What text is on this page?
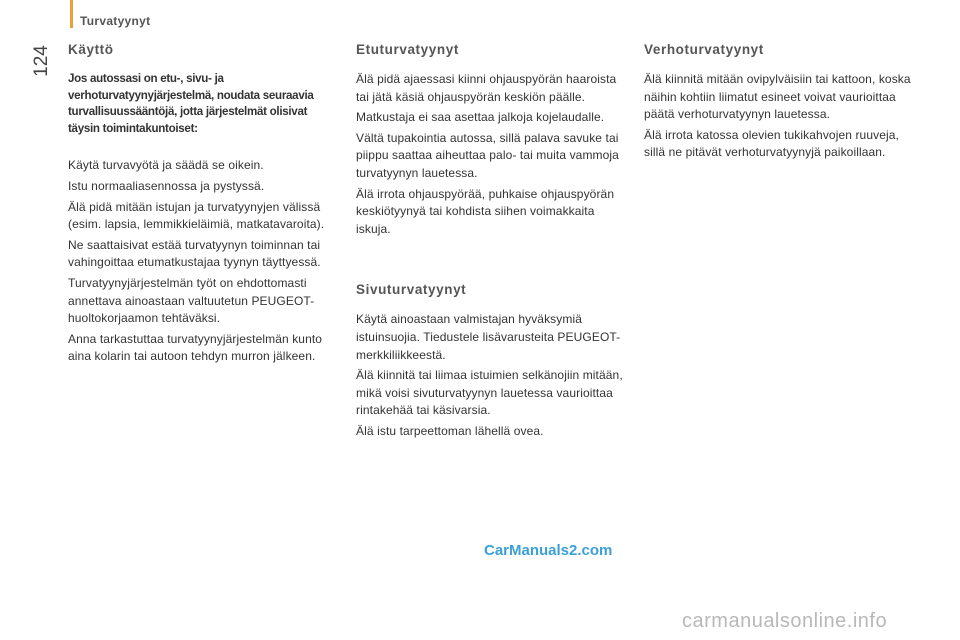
Turvatyynyt
124	Käyttö

Jos autossasi on etu-, sivu- ja verhoturvatyynyjärjestelmä, noudata seuraavia turvallisuussääntöjä, jotta järjestelmät olisivat täysin toimintakuntoiset:

Käytä turvavyötä ja säädä se oikein.

Istu normaaliasennossa ja pystyssä.

Älä pidä mitään istujan ja turvatyynyjen välissä (esim. lapsia, lemmikkieläimiä, matkatavaroita).

Ne saattaisivat estää turvatyynyn toiminnan tai vahingoittaa etumatkustajaa tyynyn täyttyessä.

Turvatyynyjärjestelmän työt on ehdottomasti annettava ainoastaan valtuutetun PEUGEOT-huoltokorjaamon tehtäväksi.

Anna tarkastuttaa turvatyynyjärjestelmän kunto aina kolarin tai autoon tehdyn murron jälkeen.

Etuturvatyynyt

Älä pidä ajaessasi kiinni ohjauspyörän haaroista tai jätä käsiä ohjauspyörän keskiön päälle.

Matkustaja ei saa asettaa jalkoja kojelaudalle.

Vältä tupakointia autossa, sillä palava savuke tai piippu saattaa aiheuttaa palo- tai muita vammoja turvatyynyn lauetessa.

Älä irrota ohjauspyörää, puhkaise ohjauspyörän keskiötyynyä tai kohdista siihen voimakkaita iskuja.

Sivuturvatyynyt

Käytä ainoastaan valmistajan hyväksymiä istuinsuojia. Tiedustele lisävarusteita PEUGEOT-merkkiliikkeestä.

Älä kiinnitä tai liimaa istuimien selkänojiin mitään, mikä voisi sivuturvatyynyn lauetessa vaurioittaa rintakehää tai käsivarsia.

Älä istu tarpeettoman lähellä ovea.

Verhoturvatyynyt

Älä kiinnitä mitään ovipylväisiin tai kattoon, koska näihin kohtiin liimatut esineet voivat vaurioittaa päätä verhoturvatyynyn lauetessa.

Älä irrota katossa olevien tukikahvojen ruuveja, sillä ne pitävät verhoturvatyynyjä paikoillaan.

CarManuals2.com
carmanualsonline.info
